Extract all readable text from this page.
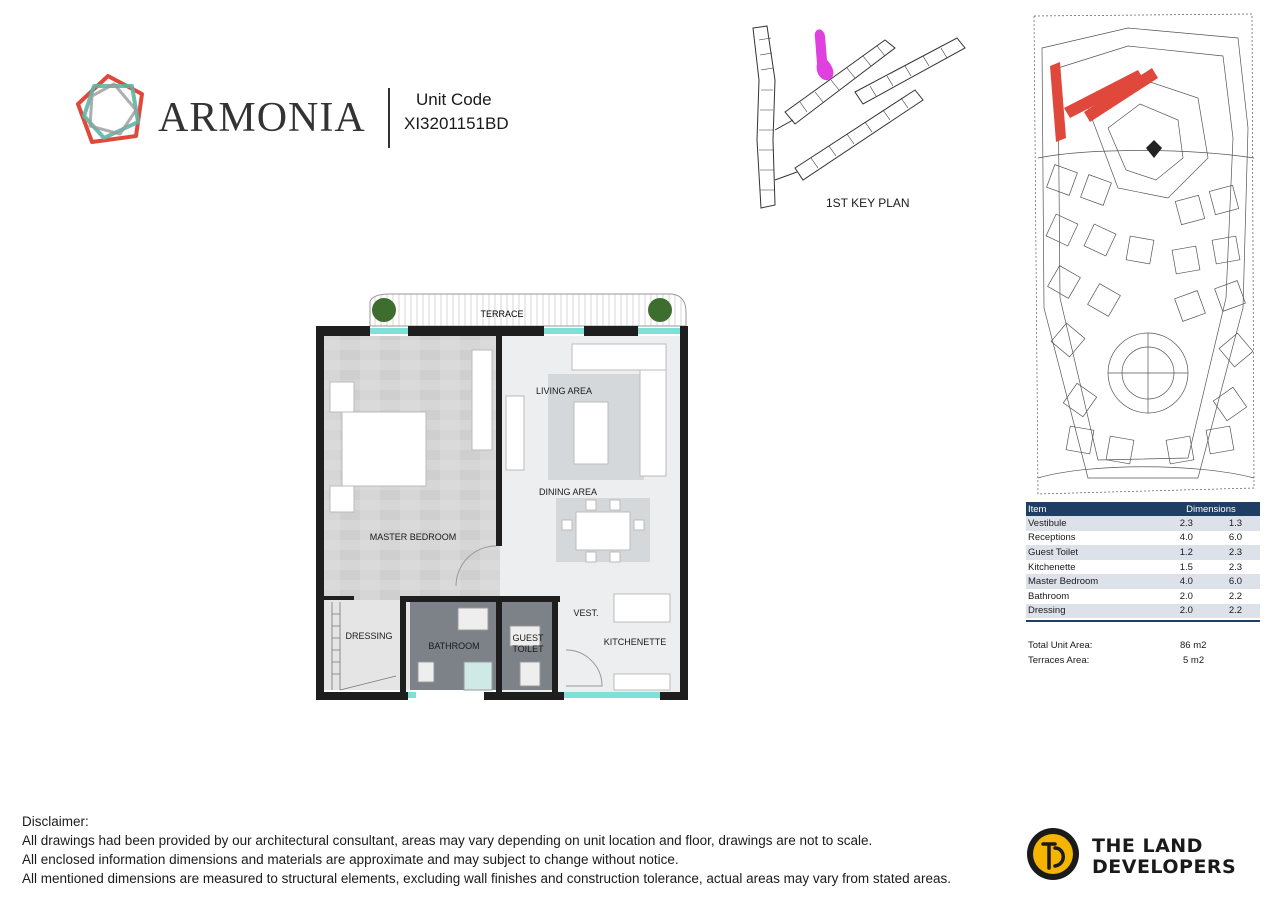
ARMONIA	Unit Code
XI3201151BD
1ST KEY PLAN
Item	Dimensions	
Vestibule	2.3	1.3
Receptions	4.0	6.0
Guest Toilet	1.2	2.3
Kitchenette	1.5	2.3
Master Bedroom	4.0	6.0
Bathroom	2.0	2.2
Dressing	2.0	2.2
Total Unit Area:	86 m2
Terraces Area:	5 m2
TERRACE
LIVING AREA
DINING AREA
MASTER BEDROOM
DRESSING
BATHROOM
GUEST
TOILET
VEST.
KITCHENETTE
Disclaimer:
All drawings had been provided by our architectural consultant, areas may vary depending on unit location and floor, drawings are not to scale.
All enclosed information dimensions and materials are approximate and may subject to change without notice.
All mentioned dimensions are measured to structural elements, excluding wall finishes and construction tolerance, actual areas may vary from stated areas.
THE LAND
DEVELOPERS
